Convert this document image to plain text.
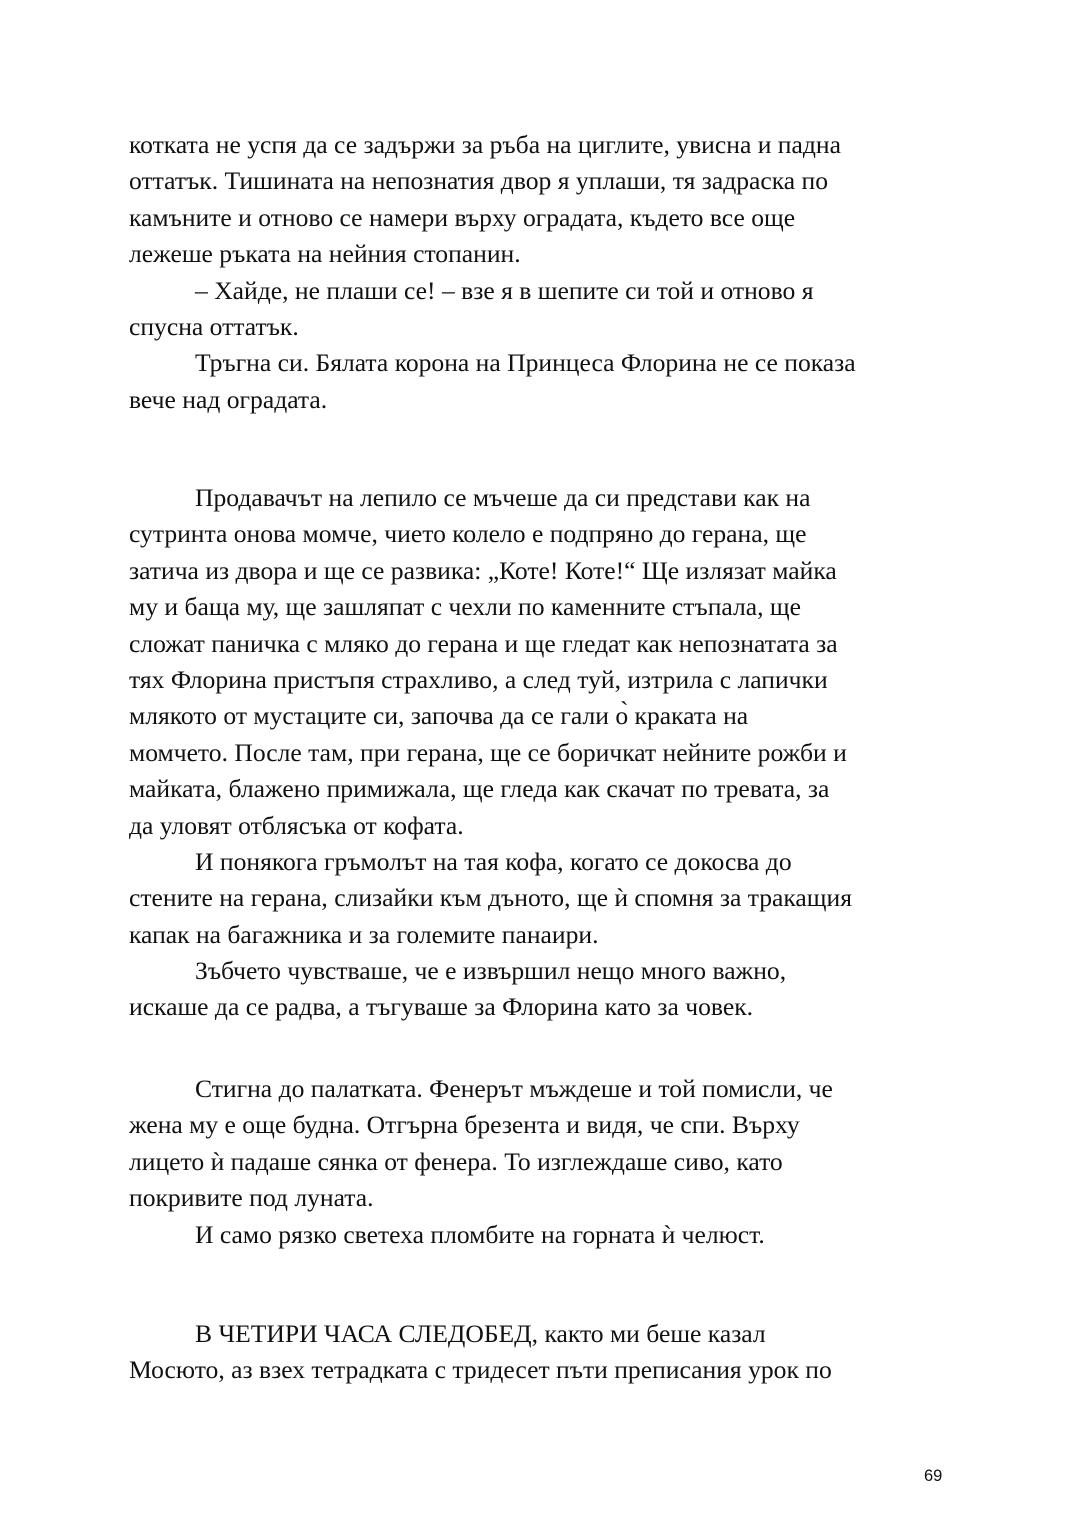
котката не успя да се задържи за ръба на циглите, увисна и падна
оттатък. Тишината на непознатия двор я уплаши, тя задраска по
камъните и отново се намери върху оградата, където все още
лежеше ръката на нейния стопанин.
– Хайде, не плаши се! – взе я в шепите си той и отново я
спусна оттатък.
Тръгна си. Бялата корона на Принцеса Флорина не се показа
вече над оградата.
Продавачът на лепило се мъчеше да си представи как на
сутринта онова момче, чието колело е подпряно до герана, ще
затича из двора и ще се развика: „Коте! Коте!“ Ще излязат майка
му и баща му, ще зашляпат с чехли по каменните стъпала, ще
сложат паничка с мляко до герана и ще гледат как непознатата за
тях Флорина пристъпя страхливо, а след туй, изтрила с лапички
млякото от мустаците си, започва да се гали о̀ краката на
момчето. После там, при герана, ще се боричкат нейните рожби и
майката, блажено примижала, ще гледа как скачат по тревата, за
да уловят отблясъка от кофата.
И понякога гръмолът на тая кофа, когато се докосва до
стените на герана, слизайки към дъното, ще ѝ спомня за тракащия
капак на багажника и за големите панаири.
Зъбчето чувстваше, че е извършил нещо много важно,
искаше да се радва, а тъгуваше за Флорина като за човек.
Стигна до палатката. Фенерът мъждеше и той помисли, че
жена му е още будна. Отгърна брезента и видя, че спи. Върху
лицето ѝ падаше сянка от фенера. То изглеждаше сиво, като
покривите под луната.
И само рязко светеха пломбите на горната ѝ челюст.
В ЧЕТИРИ ЧАСА СЛЕДОБЕД, както ми беше казал
Мосюто, аз взех тетрадката с тридесет пъти преписания урок по
69
